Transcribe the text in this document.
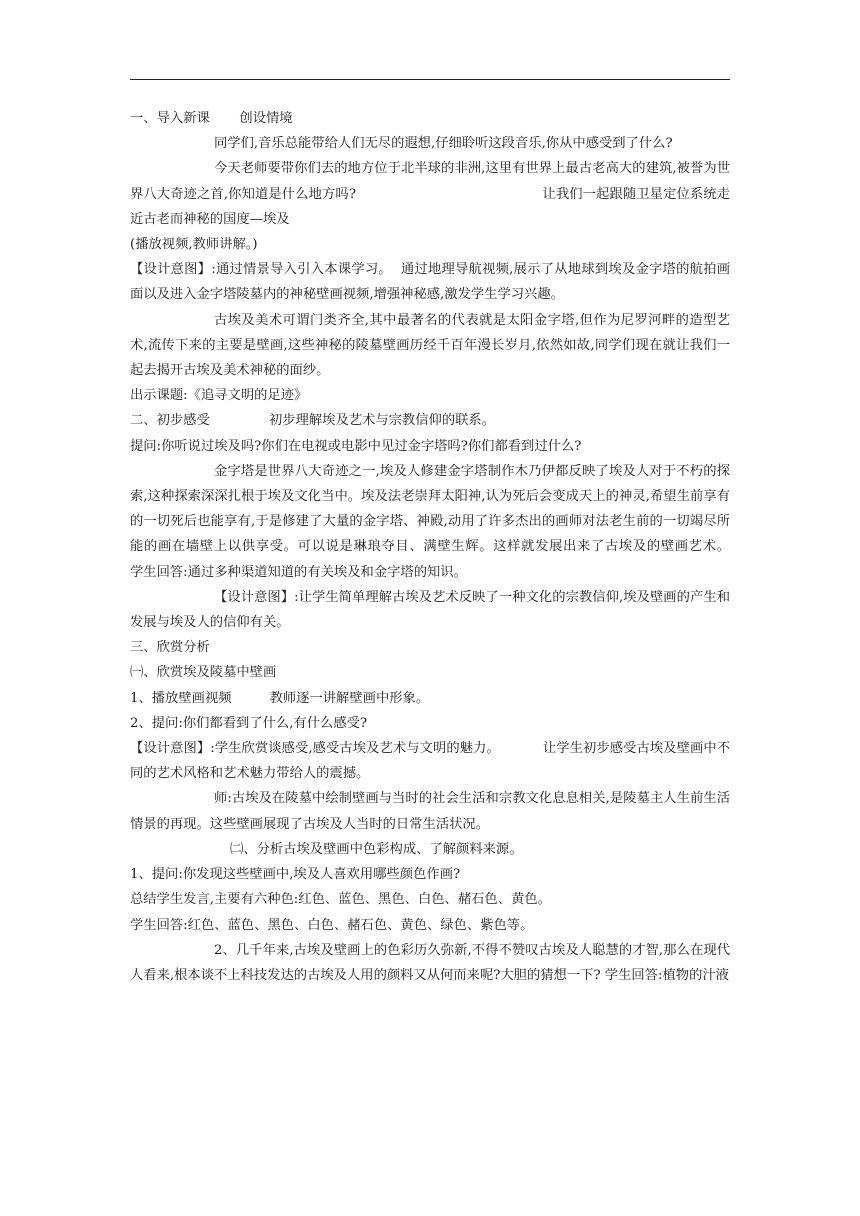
一、导入新课       创设情境

同学们,音乐总能带给人们无尽的遐想,仔细聆听这段音乐,你从中感受到了什么?

今天老师要带你们去的地方位于北半球的非洲,这里有世界上最古老高大的建筑,被誉为世界八大奇迹之首,你知道是什么地方吗?                                           让我们一起跟随卫星定位系统走近古老而神秘的国度—埃及

(播放视频,教师讲解。)

【设计意图】:通过情景导入引入本课学习。  通过地理导航视频,展示了从地球到埃及金字塔的航拍画面以及进入金字塔陵墓内的神秘壁画视频,增强神秘感,激发学生学习兴趣。

古埃及美术可谓门类齐全,其中最著名的代表就是太阳金字塔,但作为尼罗河畔的造型艺术,流传下来的主要是壁画,这些神秘的陵墓壁画历经千百年漫长岁月,依然如故,同学们现在就让我们一起去揭开古埃及美术神秘的面纱。

出示课题:《追寻文明的足迹》

二、初步感受              初步理解埃及艺术与宗教信仰的联系。

提问:你听说过埃及吗?你们在电视或电影中见过金字塔吗?你们都看到过什么?

金字塔是世界八大奇迹之一,埃及人修建金字塔制作木乃伊都反映了埃及人对于不朽的探索,这种探索深深扎根于埃及文化当中。埃及法老崇拜太阳神,认为死后会变成天上的神灵,希望生前享有的一切死后也能享有,于是修建了大量的金字塔、神殿,动用了许多杰出的画师对法老生前的一切竭尽所能的画在墙壁上以供享受。可以说是琳琅夺目、满壁生辉。这样就发展出来了古埃及的壁画艺术。         学生回答:通过多种渠道知道的有关埃及和金字塔的知识。

【设计意图】:让学生简单理解古埃及艺术反映了一种文化的宗教信仰,埃及壁画的产生和发展与埃及人的信仰有关。

三、欣赏分析

㈠、欣赏埃及陵墓中壁画

1、播放壁画视频         教师逐一讲解壁画中形象。

2、提问:你们都看到了什么,有什么感受?

【设计意图】:学生欣赏谈感受,感受古埃及艺术与文明的魅力。          让学生初步感受古埃及壁画中不同的艺术风格和艺术魅力带给人的震撼。

师:古埃及在陵墓中绘制壁画与当时的社会生活和宗教文化息息相关,是陵墓主人生前生活情景的再现。这些壁画展现了古埃及人当时的日常生活状况。

㈡、分析古埃及壁画中色彩构成、了解颜料来源。

1、提问:你发现这些壁画中,埃及人喜欢用哪些颜色作画?

总结学生发言,主要有六种色:红色、蓝色、黑色、白色、赭石色、黄色。

学生回答:红色、蓝色、黑色、白色、赭石色、黄色、绿色、紫色等。

2、几千年来,古埃及壁画上的色彩历久弥新,不得不赞叹古埃及人聪慧的才智,那么在现代人看来,根本谈不上科技发达的古埃及人用的颜料又从何而来呢?大胆的猜想一下? 学生回答:植物的汁液
